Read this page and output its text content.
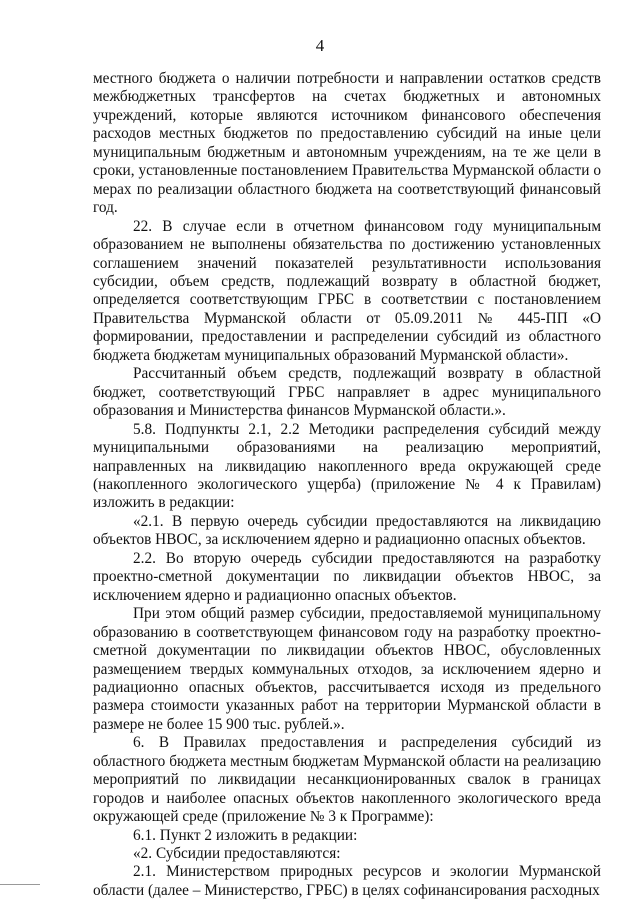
4

местного бюджета о наличии потребности и направлении остатков средств межбюджетных трансфертов на счетах бюджетных и автономных учреждений, которые являются источником финансового обеспечения расходов местных бюджетов по предоставлению субсидий на иные цели муниципальным бюджетным и автономным учреждениям, на те же цели в сроки, установленные постановлением Правительства Мурманской области о мерах по реализации областного бюджета на соответствующий финансовый год.

22. В случае если в отчетном финансовом году муниципальным образованием не выполнены обязательства по достижению установленных соглашением значений показателей результативности использования субсидии, объем средств, подлежащий возврату в областной бюджет, определяется соответствующим ГРБС в соответствии с постановлением Правительства Мурманской области от 05.09.2011 № 445-ПП «О формировании, предоставлении и распределении субсидий из областного бюджета бюджетам муниципальных образований Мурманской области».

Рассчитанный объем средств, подлежащий возврату в областной бюджет, соответствующий ГРБС направляет в адрес муниципального образования и Министерства финансов Мурманской области.».

5.8. Подпункты 2.1, 2.2 Методики распределения субсидий между муниципальными образованиями на реализацию мероприятий, направленных на ликвидацию накопленного вреда окружающей среде (накопленного экологического ущерба) (приложение № 4 к Правилам) изложить в редакции:

«2.1. В первую очередь субсидии предоставляются на ликвидацию объектов НВОС, за исключением ядерно и радиационно опасных объектов.

2.2. Во вторую очередь субсидии предоставляются на разработку проектно-сметной документации по ликвидации объектов НВОС, за исключением ядерно и радиационно опасных объектов.

При этом общий размер субсидии, предоставляемой муниципальному образованию в соответствующем финансовом году на разработку проектно-сметной документации по ликвидации объектов НВОС, обусловленных размещением твердых коммунальных отходов, за исключением ядерно и радиационно опасных объектов, рассчитывается исходя из предельного размера стоимости указанных работ на территории Мурманской области в размере не более 15 900 тыс. рублей.».

6. В Правилах предоставления и распределения субсидий из областного бюджета местным бюджетам Мурманской области на реализацию мероприятий по ликвидации несанкционированных свалок в границах городов и наиболее опасных объектов накопленного экологического вреда окружающей среде (приложение № 3 к Программе):

6.1. Пункт 2 изложить в редакции:

«2. Субсидии предоставляются:

2.1. Министерством природных ресурсов и экологии Мурманской области (далее – Министерство, ГРБС) в целях софинансирования расходных
